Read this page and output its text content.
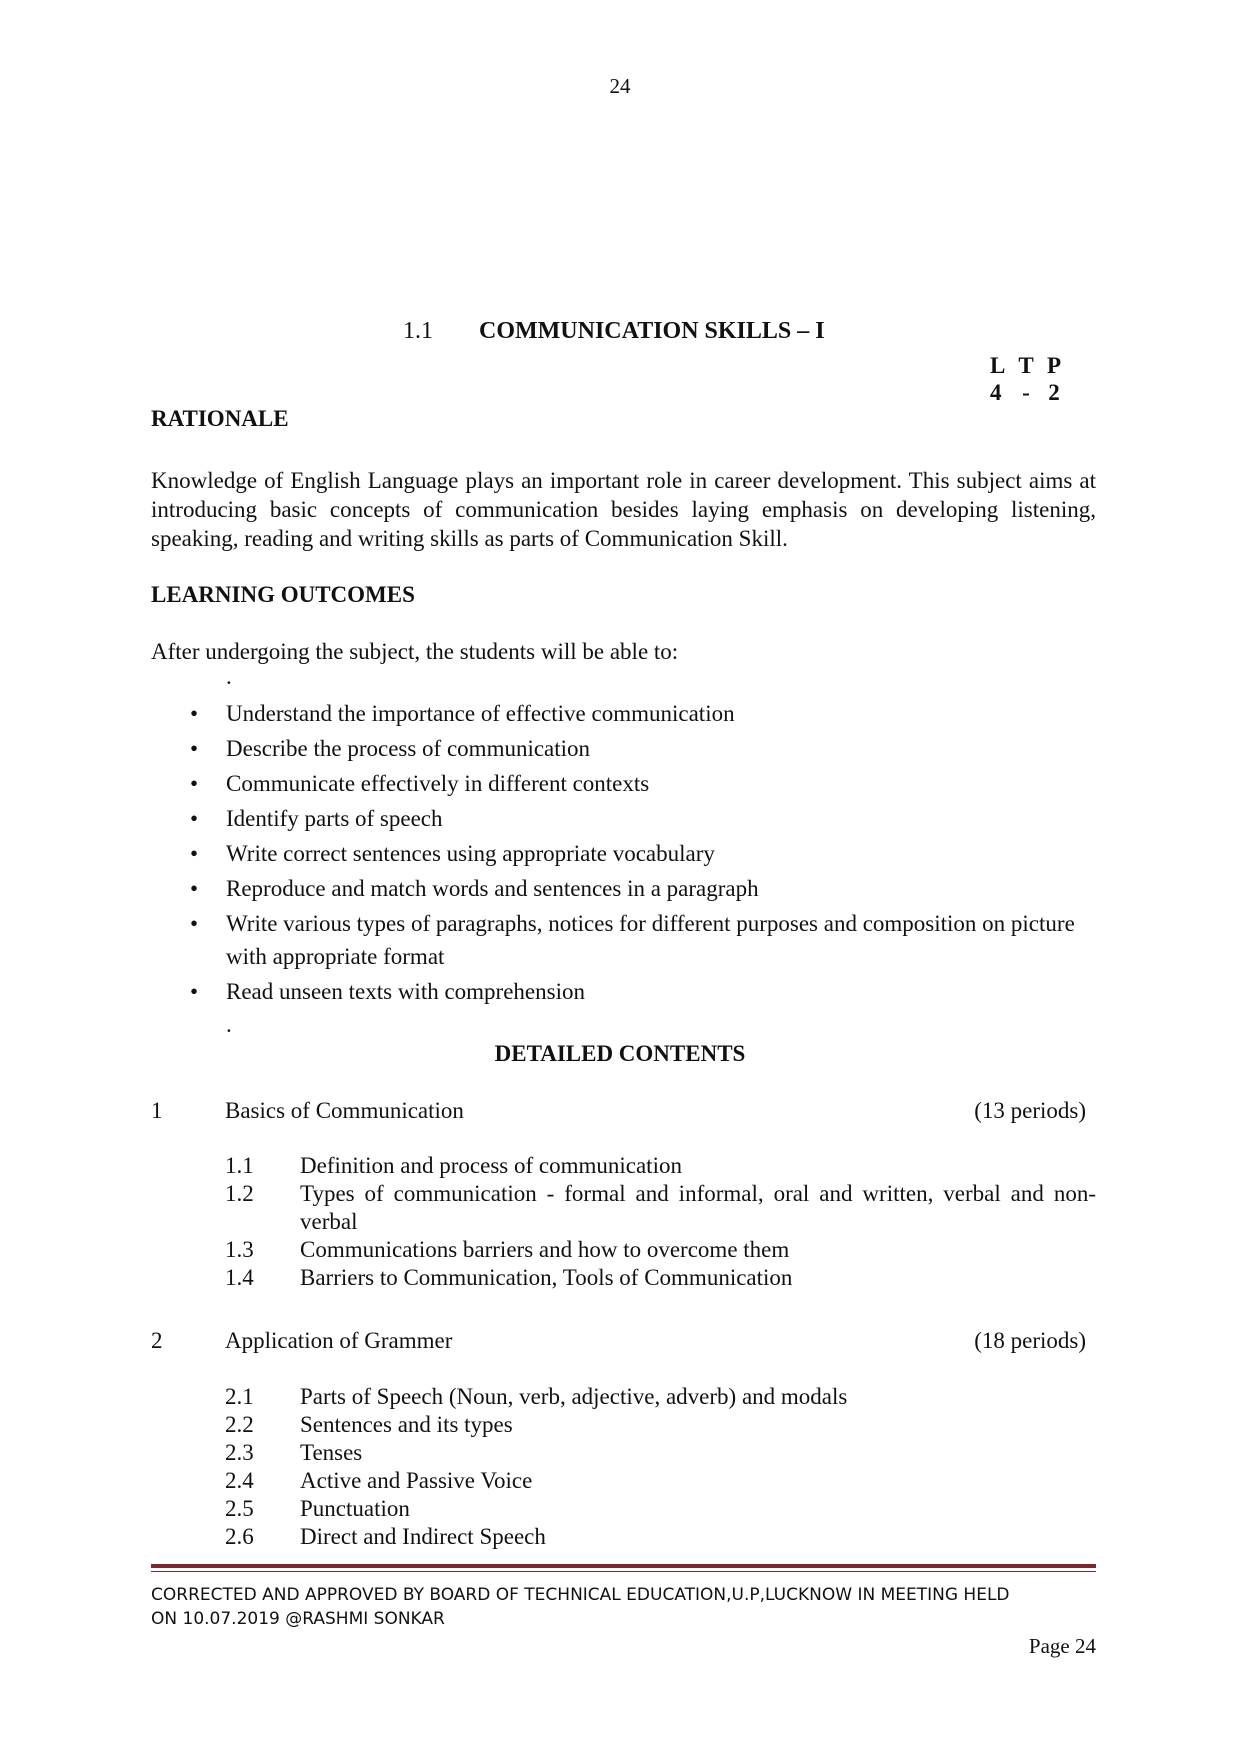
24
1.1 COMMUNICATION SKILLS – I
L T P
4 - 2
RATIONALE
Knowledge of English Language plays an important role in career development. This subject aims at introducing basic concepts of communication besides laying emphasis on developing listening, speaking, reading and writing skills as parts of Communication Skill.
LEARNING OUTCOMES
After undergoing the subject, the students will be able to:
.
• Understand the importance of effective communication
• Describe the process of communication
• Communicate effectively in different contexts
• Identify parts of speech
• Write correct sentences using appropriate vocabulary
• Reproduce and match words and sentences in a paragraph
• Write various types of paragraphs, notices for different purposes and composition on picture with appropriate format
• Read unseen texts with comprehension
.
DETAILED CONTENTS
1	Basics of Communication	(13 periods)
1.1 Definition and process of communication
1.2 Types of communication - formal and informal, oral and written, verbal and non-verbal
1.3 Communications barriers and how to overcome them
1.4 Barriers to Communication, Tools of Communication
2	Application of Grammer	(18 periods)
2.1 Parts of Speech (Noun, verb, adjective, adverb) and modals
2.2 Sentences and its types
2.3 Tenses
2.4 Active and Passive Voice
2.5 Punctuation
2.6 Direct and Indirect Speech
CORRECTED AND APPROVED BY BOARD OF TECHNICAL EDUCATION,U.P,LUCKNOW IN MEETING HELD
ON 10.07.2019 @RASHMI SONKAR
Page 24
